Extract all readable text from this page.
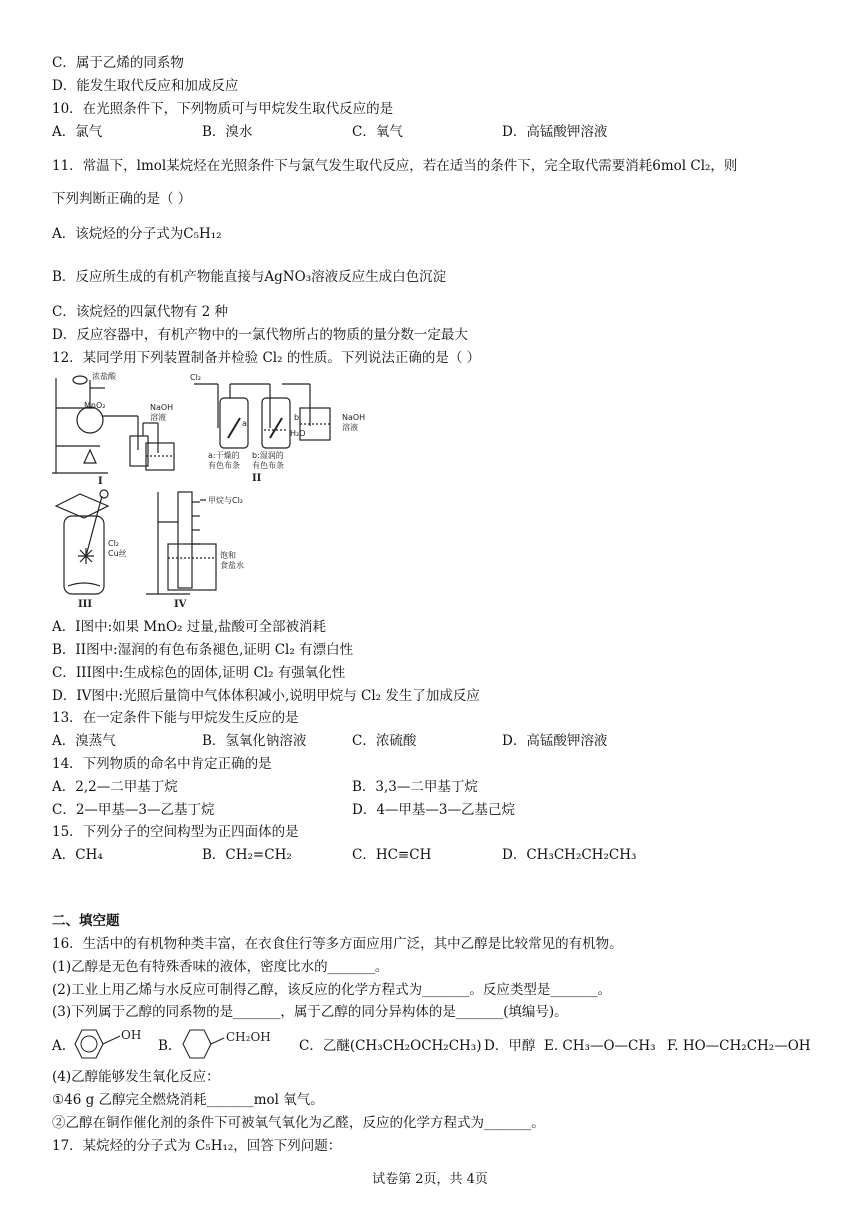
C．属于乙烯的同系物
D．能发生取代反应和加成反应
10．在光照条件下，下列物质可与甲烷发生取代反应的是
A．氯气	B．溴水	C．氧气	D．高锰酸钾溶液
11．常温下，lmol某烷烃在光照条件下与氯气发生取代反应，若在适当的条件下，完全取代需要消耗6mol Cl₂，则
下列判断正确的是（ ）
A．该烷烃的分子式为C₅H₁₂
B．反应所生成的有机产物能直接与AgNO₃溶液反应生成白色沉淀
C．该烷烃的四氯代物有 2 种
D．反应容器中，有机产物中的一氯代物所占的物质的量分数一定最大
12．某同学用下列装置制备并检验 Cl₂ 的性质。下列说法正确的是（ ）
浓盐酸
MnO₂	NaOH
溶液
I
Cl₂
a
b
H₂O
NaOH
溶液
a:干燥的
有色布条
b:湿润的
有色布条
II
Cl₂
Cu丝
III
甲烷与Cl₂
饱和
食盐水
IV
A．I图中:如果 MnO₂ 过量,盐酸可全部被消耗
B．II图中:湿润的有色布条褪色,证明 Cl₂ 有漂白性
C．III图中:生成棕色的固体,证明 Cl₂ 有强氧化性
D．IV图中:光照后量筒中气体体积减小,说明甲烷与 Cl₂ 发生了加成反应
13．在一定条件下能与甲烷发生反应的是
A．溴蒸气	B．氢氧化钠溶液	C．浓硫酸	D．高锰酸钾溶液
14．下列物质的命名中肯定正确的是
A．2,2—二甲基丁烷	B．3,3—二甲基丁烷
C．2—甲基—3—乙基丁烷	D．4—甲基—3—乙基己烷
15．下列分子的空间构型为正四面体的是
A．CH₄	B．CH₂=CH₂	C．HC≡CH	D．CH₃CH₂CH₂CH₃
二、填空题
16．生活中的有机物种类丰富，在衣食住行等多方面应用广泛，其中乙醇是比较常见的有机物。
(1)乙醇是无色有特殊香味的液体，密度比水的_______。
(2)工业上用乙烯与水反应可制得乙醇，该反应的化学方程式为_______。反应类型是_______。
(3)下列属于乙醇的同系物的是_______，属于乙醇的同分异构体的是_______(填编号)。
A.
OH
B.
CH₂OH
C．乙醚(CH₃CH₂OCH₂CH₃) D．甲醇 E. CH₃—O—CH₃ F. HO—CH₂CH₂—OH
(4)乙醇能够发生氧化反应：
①46 g 乙醇完全燃烧消耗_______mol 氧气。
②乙醇在铜作催化剂的条件下可被氧气氧化为乙醛，反应的化学方程式为_______。
17．某烷烃的分子式为 C₅H₁₂，回答下列问题：
试卷第 2页，共 4页
